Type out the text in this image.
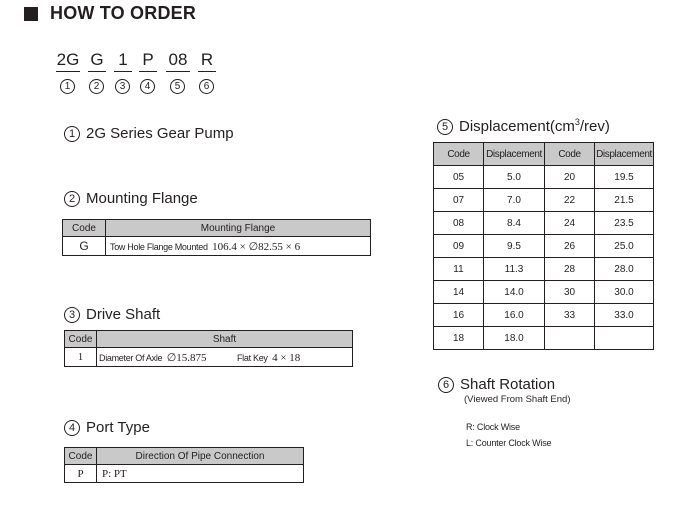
HOW TO ORDER
2G G 1 P 08 R
1	2	3	4	5	6
1 2G Series Gear Pump
2 Mounting Flange
Code	Mounting Flange
G	Tow Hole Flange Mounted 106.4 × ∅82.55 × 6
3 Drive Shaft
Code	Shaft
1	Diameter Of Axle ∅15.875 Flat Key 4 × 18
4 Port Type
Code	Direction Of Pipe Connection
P	P: PT
5 $Displacement(cm^3/rev)$
Code	Displacement	Code	Displacement
05	5.0	20	19.5
07	7.0	22	21.5
08	8.4	24	23.5
09	9.5	26	25.0
11	11.3	28	28.0
14	14.0	30	30.0
16	16.0	33	33.0
18	18.0		
6 Shaft Rotation
(Viewed From Shaft End)
R: Clock Wise
L: Counter Clock Wise
